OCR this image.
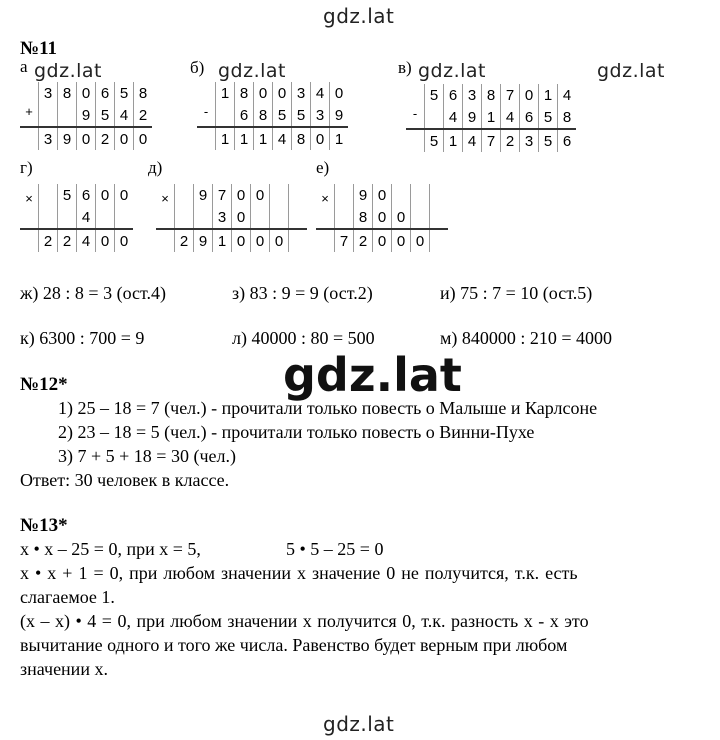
gdz.lat
gdz.lat	gdz.lat	gdz.lat	gdz.lat
gdz.lat
gdz.lat
№11
а	б)	в)
г)	д)	е)
	3	8	0	6	5	8
+			9	5	4	2
	3	9	0	2	0	0
	1	8	0	0	3	4	0
-		6	8	5	5	3	9
	1	1	1	4	8	0	1
	5	6	3	8	7	0	1	4
-		4	9	1	4	6	5	8
	5	1	4	7	2	3	5	6
×		5	6	0	0
			4		
	2	2	4	0	0
×		9	7	0	0		
			3	0			
	2	9	1	0	0	0	
×		9	0			
		8	0	0		
	7	2	0	0	0	
ж) 28 : 8 = 3 (ост.4)	з) 83 : 9 = 9 (ост.2)	и) 75 : 7 = 10 (ост.5)
к) 6300 : 700 = 9	л) 40000 : 80 = 500	м) 840000 : 210 = 4000
№12*
1) 25 – 18 = 7 (чел.) - прочитали только повесть о Малыше и Карлсоне
2) 23 – 18 = 5 (чел.) - прочитали только повесть о Винни-Пухе
3) 7 + 5 + 18 = 30 (чел.)
Ответ: 30 человек в классе.
№13*
x • x – 25 = 0, при x = 5,	5 • 5 – 25 = 0
x • x + 1 = 0, при любом значении x значение 0 не получится, т.к. есть
слагаемое 1.
(x – x) • 4 = 0, при любом значении x получится 0, т.к. разность x - x это
вычитание одного и того же числа. Равенство будет верным при любом
значении x.
